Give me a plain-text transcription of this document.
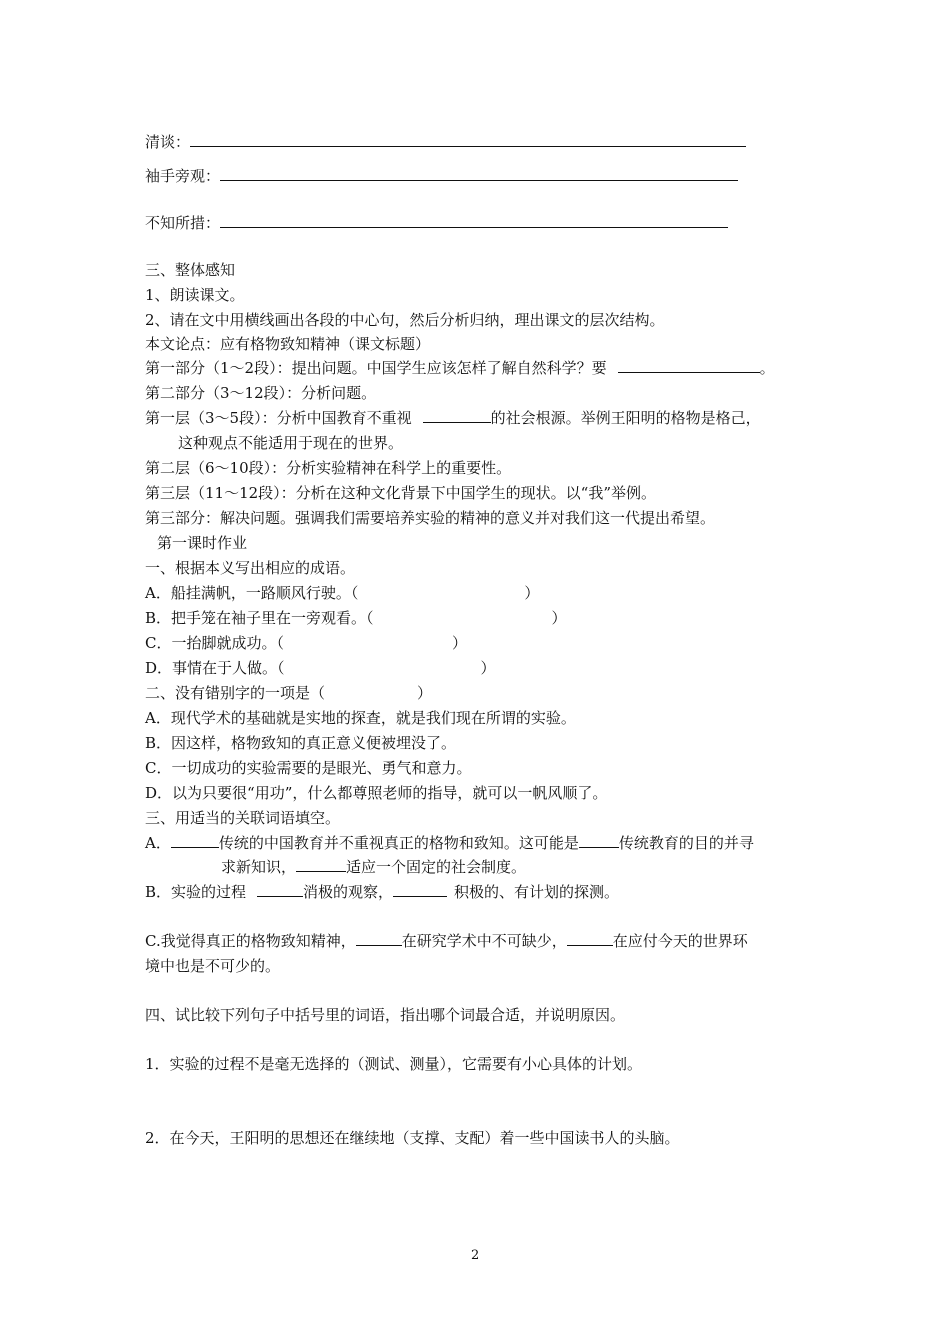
清谈：
袖手旁观：
不知所措：
三、整体感知
1、朗读课文。
2、请在文中用横线画出各段的中心句，然后分析归纳，理出课文的层次结构。
本文论点：应有格物致知精神（课文标题）
第一部分（1～2段）：提出问题。中国学生应该怎样了解自然科学？要	。
第二部分（3～12段）：分析问题。
第一层（3～5段）：分析中国教育不重视	的社会根源。举例王阳明的格物是格己，
这种观点不能适用于现在的世界。
第二层（6～10段）：分析实验精神在科学上的重要性。
第三层（11～12段）：分析在这种文化背景下中国学生的现状。以“我”举例。
第三部分：解决问题。强调我们需要培养实验的精神的意义并对我们这一代提出希望。
第一课时作业
一、根据本义写出相应的成语。
A．船挂满帆，一路顺风行驶。（	）
B．把手笼在袖子里在一旁观看。（	）
C．一抬脚就成功。（	）
D．事情在于人做。（	）
二、没有错别字的一项是（	）
A．现代学术的基础就是实地的探查，就是我们现在所谓的实验。
B．因这样，格物致知的真正意义便被埋没了。
C．一切成功的实验需要的是眼光、勇气和意力。
D．以为只要很“用功”，什么都尊照老师的指导，就可以一帆风顺了。
三、用适当的关联词语填空。
A．	传统的中国教育并不重视真正的格物和致知。这可能是	传统教育的目的并寻
求新知识，	适应一个固定的社会制度。
B．实验的过程	消极的观察，	积极的、有计划的探测。
C.我觉得真正的格物致知精神，	在研究学术中不可缺少，	在应付今天的世界环
境中也是不可少的。
四、试比较下列句子中括号里的词语，指出哪个词最合适，并说明原因。
1．实验的过程不是毫无选择的（测试、测量），它需要有小心具体的计划。
2．在今天，王阳明的思想还在继续地（支撑、支配）着一些中国读书人的头脑。
2
